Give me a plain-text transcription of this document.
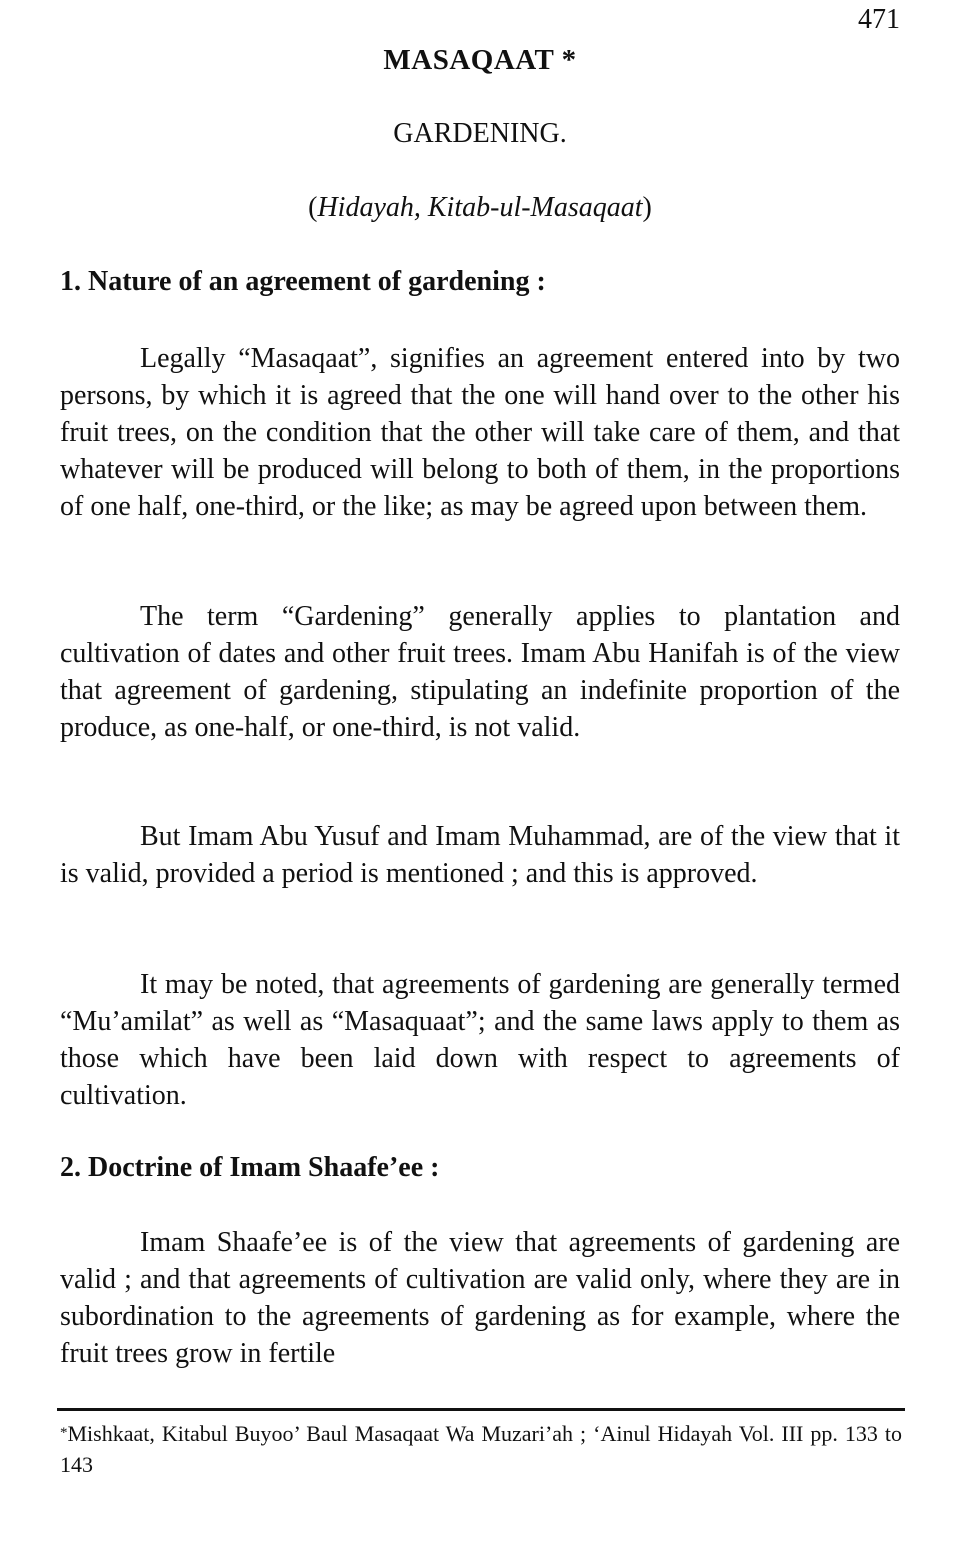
471
MASAQAAT *
GARDENING.
(Hidayah, Kitab-ul-Masaqaat)
1. Nature of an agreement of gardening :

Legally “Masaqaat”, signifies an agreement entered into by two persons, by which it is agreed that the one will hand over to the other his fruit trees, on the condition that the other will take care of them, and that whatever will be produced will belong to both of them, in the proportions of one half, one-third, or the like; as may be agreed upon between them.

The term “Gardening” generally applies to plantation and cultivation of dates and other fruit trees. Imam Abu Hanifah is of the view that agreement of gardening, stipulating an indefinite proportion of the produce, as one-half, or one-third, is not valid.

But Imam Abu Yusuf and Imam Muhammad, are of the view that it is valid, provided a period is mentioned ; and this is approved.

It may be noted, that agreements of gardening are generally termed “Mu’amilat” as well as “Masaquaat”; and the same laws apply to them as those which have been laid down with respect to agreements of cultivation.

2. Doctrine of Imam Shaafe’ee :

Imam Shaafe’ee is of the view that agreements of gardening are valid ; and that agreements of cultivation are valid only, where they are in subordination to the agreements of gardening as for example, where the fruit trees grow in fertile

*Mishkaat, Kitabul Buyoo’ Baul Masaqaat Wa Muzari’ah ; ‘Ainul Hidayah Vol. III pp. 133 to 143
